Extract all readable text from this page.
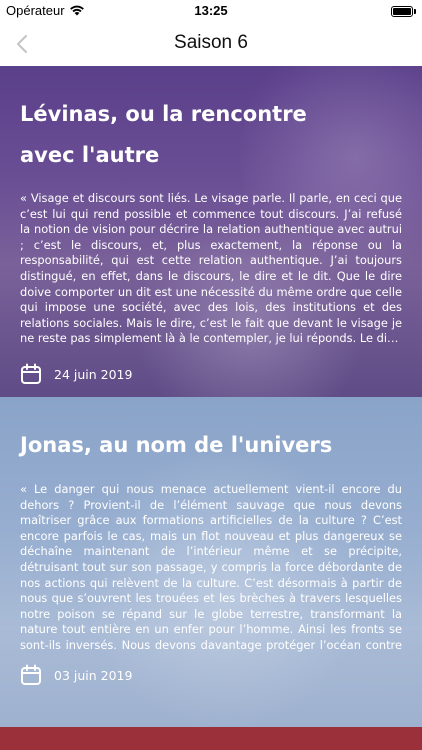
Opérateur	13:25
Saison 6
Lévinas, ou la rencontre
avec l'autre
« Visage et discours sont liés. Le visage parle. Il parle, en ceci que c’est lui qui rend possible et commence tout discours. J’ai refusé la notion de vision pour décrire la relation authentique avec autrui ; c’est le discours, et, plus exactement, la réponse ou la responsabilité, qui est cette relation authentique. J’ai toujours distingué, en effet, dans le discours, le dire et le dit. Que le dire doive comporter un dit est une nécessité du même ordre que celle qui impose une société, avec des lois, des institutions et des relations sociales. Mais le dire, c’est le fait que devant le visage je ne reste pas simplement là à le contempler, je lui réponds. Le di…
24 juin 2019
Jonas, au nom de l'univers
« Le danger qui nous menace actuellement vient-il encore du dehors ? Provient-il de l’élément sauvage que nous devons maîtriser grâce aux formations artificielles de la culture ? C’est encore parfois le cas, mais un flot nouveau et plus dangereux se déchaîne maintenant de l’intérieur même et se précipite, détruisant tout sur son passage, y compris la force débordante de nos actions qui relèvent de la culture. C’est désormais à partir de nous que s’ouvrent les trouées et les brèches à travers lesquelles notre poison se répand sur le globe terrestre, transformant la nature tout entière en un enfer pour l’homme. Ainsi les fronts se sont-ils inversés. Nous devons davantage protéger l’océan contre
03 juin 2019
